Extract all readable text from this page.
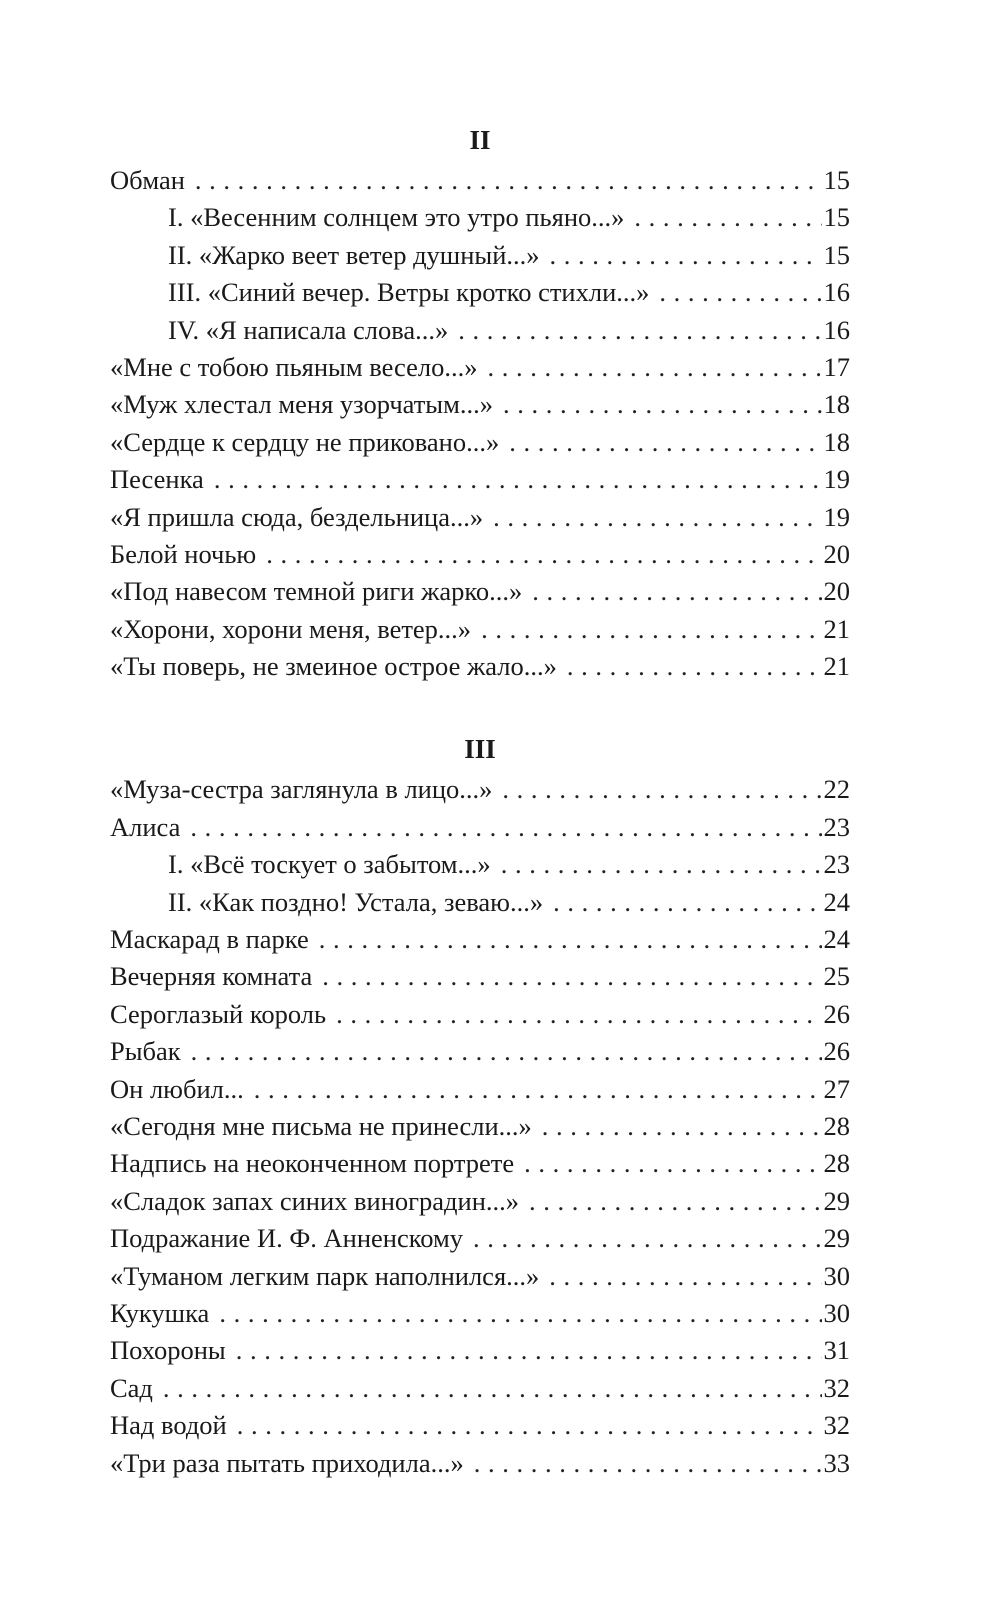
II
Обман . . .	15
I. «Весенним солнцем это утро пьяно...» . . .	15
II. «Жарко веет ветер душный...» . . .	15
III. «Синий вечер. Ветры кротко стихли...» . . .	16
IV. «Я написала слова...» . . .	16
«Мне с тобою пьяным весело...» . . .	17
«Муж хлестал меня узорчатым...» . . .	18
«Сердце к сердцу не приковано...» . . .	18
Песенка . . .	19
«Я пришла сюда, бездельница...» . . .	19
Белой ночью . . .	20
«Под навесом темной риги жарко...» . . .	20
«Хорони, хорони меня, ветер...» . . .	21
«Ты поверь, не змеиное острое жало...» . . .	21
III
«Муза-сестра заглянула в лицо...» . . .	22
Алиса . . .	23
I. «Всё тоскует о забытом...» . . .	23
II. «Как поздно! Устала, зеваю...» . . .	24
Маскарад в парке . . .	24
Вечерняя комната . . .	25
Сероглазый король . . .	26
Рыбак . . .	26
Он любил... . . .	27
«Сегодня мне письма не принесли...» . . .	28
Надпись на неоконченном портрете . . .	28
«Сладок запах синих виноградин...» . . .	29
Подражание И. Ф. Анненскому . . .	29
«Туманом легким парк наполнился...» . . .	30
Кукушка . . .	30
Похороны . . .	31
Сад . . .	32
Над водой . . .	32
«Три раза пытать приходила...» . . .	33
